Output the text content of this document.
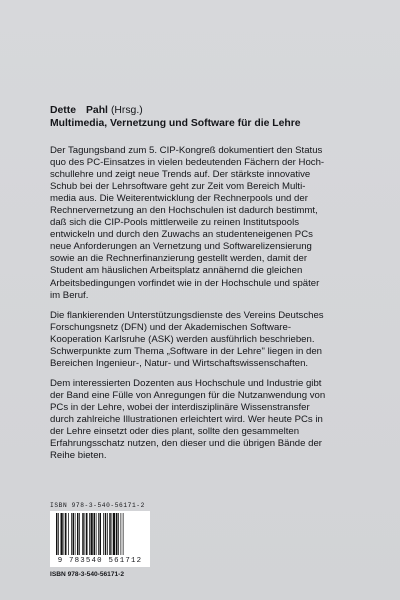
Dette Pahl (Hrsg.)
Multimedia, Vernetzung und Software für die Lehre

Der Tagungsband zum 5. CIP-Kongreß dokumentiert den Status
quo des PC-Einsatzes in vielen bedeutenden Fächern der Hoch-
schullehre und zeigt neue Trends auf. Der stärkste innovative
Schub bei der Lehrsoftware geht zur Zeit vom Bereich Multi-
media aus. Die Weiterentwicklung der Rechnerpools und der
Rechnervernetzung an den Hochschulen ist dadurch bestimmt,
daß sich die CIP-Pools mittlerweile zu reinen Institutspools
entwickeln und durch den Zuwachs an studenteneigenen PCs
neue Anforderungen an Vernetzung und Softwarelizensierung
sowie an die Rechnerfinanzierung gestellt werden, damit der
Student am häuslichen Arbeitsplatz annähernd die gleichen
Arbeitsbedingungen vorfindet wie in der Hochschule und später
im Beruf.

Die flankierenden Unterstützungsdienste des Vereins Deutsches
Forschungsnetz (DFN) und der Akademischen Software-
Kooperation Karlsruhe (ASK) werden ausführlich beschrieben.
Schwerpunkte zum Thema „Software in der Lehre" liegen in den
Bereichen Ingenieur-, Natur- und Wirtschaftswissenschaften.

Dem interessierten Dozenten aus Hochschule und Industrie gibt
der Band eine Fülle von Anregungen für die Nutzanwendung von
PCs in der Lehre, wobei der interdisziplinäre Wissenstransfer
durch zahlreiche Illustrationen erleichtert wird. Wer heute PCs in
der Lehre einsetzt oder dies plant, sollte den gesammelten
Erfahrungsschatz nutzen, den dieser und die übrigen Bände der
Reihe bieten.

ISBN 978-3-540-56171-2
9 783540 561712
ISBN 978-3-540-56171-2
